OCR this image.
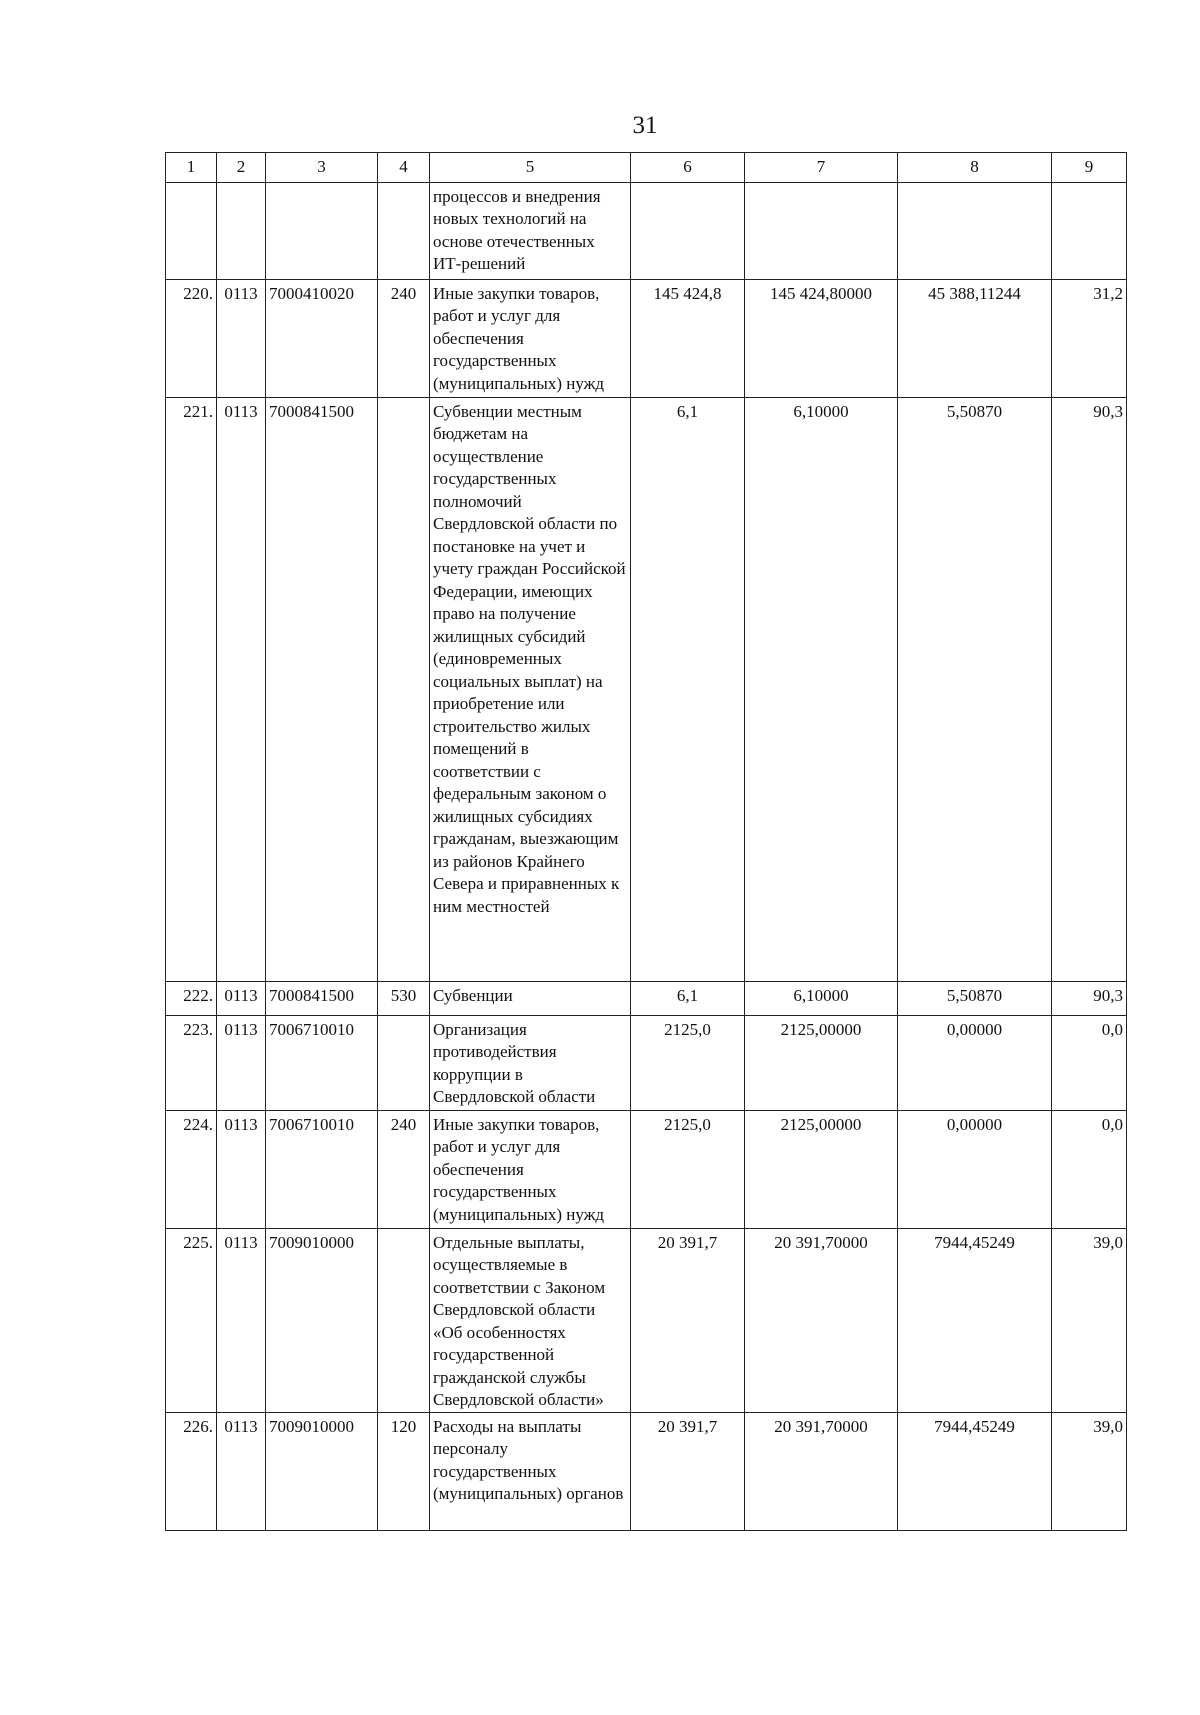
31
1	2	3	4	5	6	7	8	9
				процессов и внедрения новых технологий на основе отечественных ИТ-решений				
220.	0113	7000410020	240	Иные закупки товаров, работ и услуг для обеспечения государственных (муниципальных) нужд	145 424,8	145 424,80000	45 388,11244	31,2
221.	0113	7000841500		Субвенции местным бюджетам на осуществление государственных полномочий Свердловской области по постановке на учет и учету граждан Российской Федерации, имеющих право на получение жилищных субсидий (единовременных социальных выплат) на приобретение или строительство жилых помещений в соответствии с федеральным законом о жилищных субсидиях гражданам, выезжающим из районов Крайнего Севера и приравненных к ним местностей	6,1	6,10000	5,50870	90,3
222.	0113	7000841500	530	Субвенции	6,1	6,10000	5,50870	90,3
223.	0113	7006710010		Организация противодействия коррупции в Свердловской области	2125,0	2125,00000	0,00000	0,0
224.	0113	7006710010	240	Иные закупки товаров, работ и услуг для обеспечения государственных (муниципальных) нужд	2125,0	2125,00000	0,00000	0,0
225.	0113	7009010000		Отдельные выплаты, осуществляемые в соответствии с Законом Свердловской области «Об особенностях государственной гражданской службы Свердловской области»	20 391,7	20 391,70000	7944,45249	39,0
226.	0113	7009010000	120	Расходы на выплаты персоналу государственных (муниципальных) органов	20 391,7	20 391,70000	7944,45249	39,0
